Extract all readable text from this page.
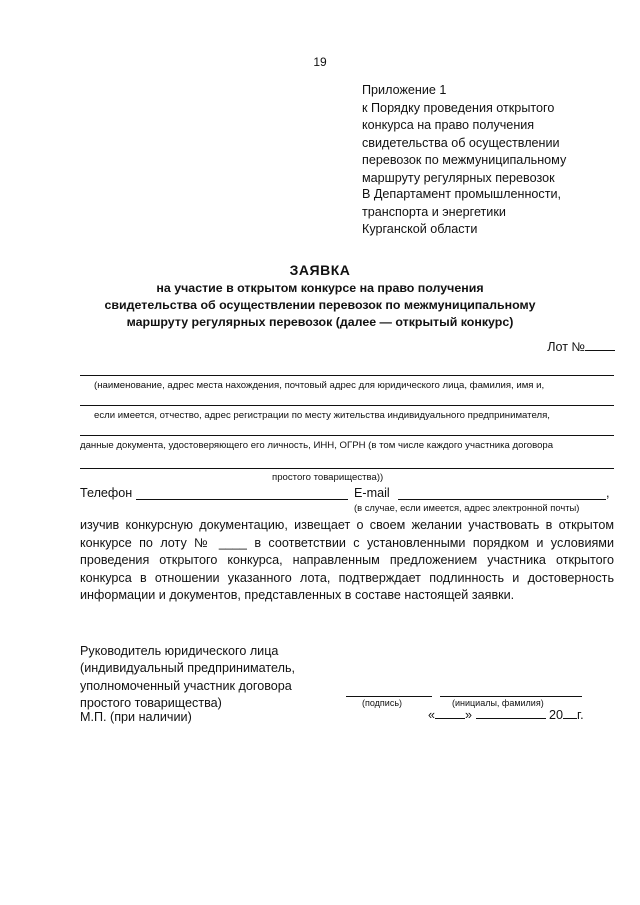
19
Приложение 1
к Порядку проведения открытого
конкурса на право получения
свидетельства об осуществлении
перевозок по межмуниципальному
маршруту регулярных перевозок
В Департамент промышленности,
транспорта и энергетики
Курганской области
ЗАЯВКА
на участие в открытом конкурсе на право получения
свидетельства об осуществлении перевозок по межмуниципальному
маршруту регулярных перевозок (далее — открытый конкурс)
Лот №
(наименование, адрес места нахождения, почтовый адрес для юридического лица, фамилия, имя и,
если имеется, отчество, адрес регистрации по месту жительства индивидуального предпринимателя,
данные документа, удостоверяющего его личность, ИНН, ОГРН (в том числе каждого участника договора
простого товарищества))
Телефон	E-mail	,
(в случае, если имеется, адрес электронной почты)
изучив конкурсную документацию, извещает о своем желании участвовать в открытом конкурсе по лоту № ____ в соответствии с установленными порядком и условиями проведения открытого конкурса, направленным предложением участника открытого конкурса в отношении указанного лота, подтверждает подлинность и достоверность информации и документов, представленных в составе настоящей заявки.
Руководитель юридического лица
(индивидуальный предприниматель,
уполномоченный участник договора
простого товарищества)	(подпись)	(инициалы, фамилия)
М.П. (при наличии)	« »	20 г.
